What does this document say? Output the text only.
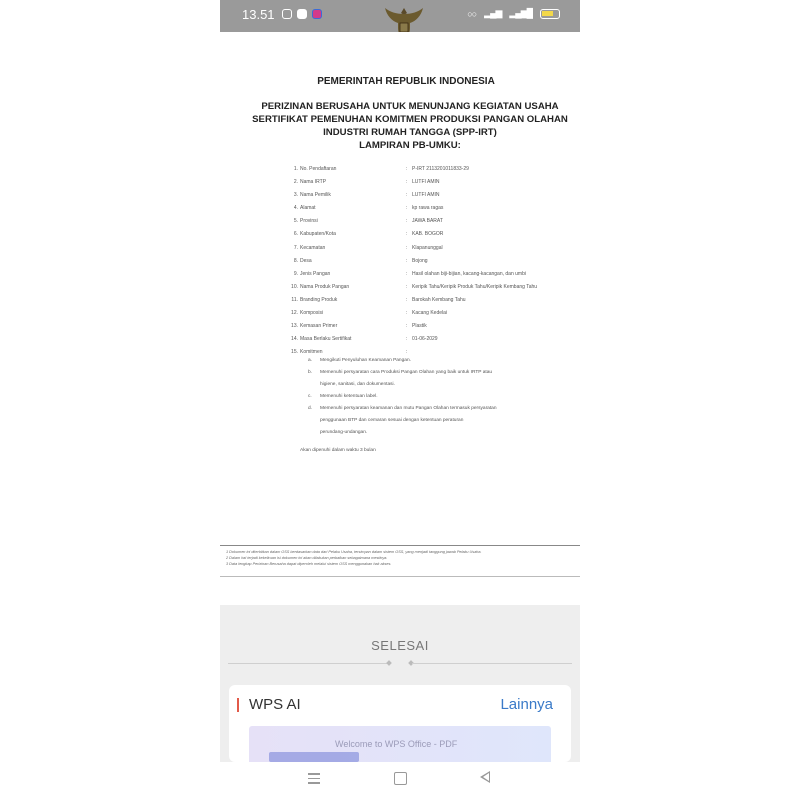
13.51	○○ ▂▄▆ ▂▄▆█
PEMERINTAH REPUBLIK INDONESIA
PERIZINAN BERUSAHA UNTUK MENUNJANG KEGIATAN USAHA
SERTIFIKAT PEMENUHAN KOMITMEN PRODUKSI PANGAN OLAHAN
INDUSTRI RUMAH TANGGA (SPP-IRT)
LAMPIRAN PB-UMKU:
1. No. Pendaftaran	: P-IRT 2113201011833-29
2. Nama IRTP	: LUTFI AMIN
3. Nama Pemilik	: LUTFI AMIN
4. Alamat	: kp rawa ragas
5. Provinsi	: JAWA BARAT
6. Kabupaten/Kota	: KAB. BOGOR
7. Kecamatan	: Klapanunggal
8. Desa	: Bojong
9. Jenis Pangan	: Hasil olahan biji-bijian, kacang-kacangan, dan umbi
10. Nama Produk Pangan	: Keripik Tahu/Keripik Produk Tahu/Keripik Kembang Tahu
11. Branding Produk	: Barokah Kembang Tahu
12. Komposisi	: Kacang Kedelai
13. Kemasan Primer	: Plastik
14. Masa Berlaku Sertifikat	: 01-06-2029
15. Komitmen	:
a. Mengikuti Penyuluhan Keamanan Pangan.
b. Memenuhi persyaratan cara Produksi Pangan Olahan yang baik untuk IRTP atau
higiene, sanitasi, dan dokumentasi.
c. Memenuhi ketentuan label.
d. Memenuhi persyaratan keamanan dan mutu Pangan Olahan termasuk persyaratan
penggunaan BTP dan cemaran sesuai dengan ketentuan peraturan
perundang-undangan.
Akan dipenuhi dalam waktu 3 bulan
1 Dokumen ini diterbitkan dalam OSS berdasarkan data dari Pelaku Usaha, tersimpan dalam sistem OSS, yang menjadi tanggung jawab Pelaku Usaha.
2 Dalam hal terjadi kekeliruan isi dokumen ini akan dilakukan perbaikan sebagaimana mestinya.
3 Data lengkap Perizinan Berusaha dapat diperoleh melalui sistem OSS menggunakan hak akses.
SELESAI
WPS AI	Lainnya
Welcome to WPS Office - PDF
